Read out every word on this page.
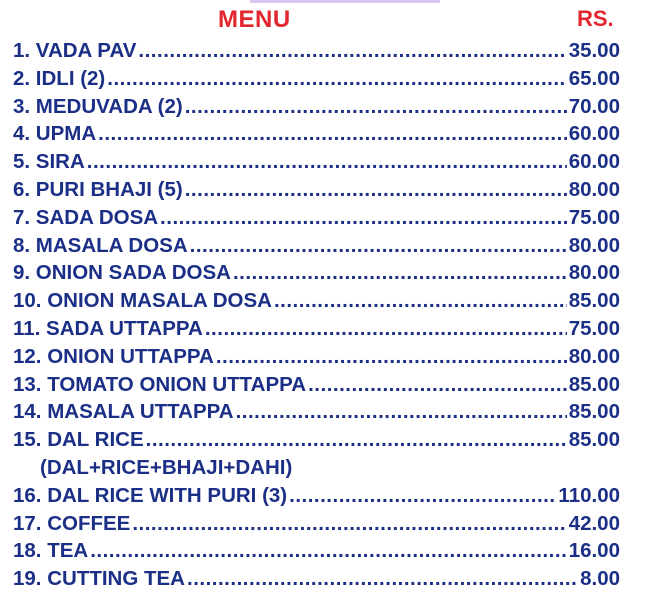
MENU	RS.
1. VADA PAV .....	35.00
2. IDLI (2) .....	65.00
3. MEDUVADA (2) .....	70.00
4. UPMA .....	60.00
5. SIRA .....	60.00
6. PURI BHAJI (5) .....	80.00
7. SADA DOSA .....	75.00
8. MASALA DOSA .....	80.00
9. ONION SADA DOSA .....	80.00
10. ONION MASALA DOSA .....	85.00
11. SADA UTTAPPA .....	75.00
12. ONION UTTAPPA .....	80.00
13. TOMATO ONION UTTAPPA .....	85.00
14. MASALA UTTAPPA .....	85.00
15. DAL RICE .....	85.00
(DAL+RICE+BHAJI+DAHI)
16. DAL RICE WITH PURI (3) .....	110.00
17. COFFEE .....	42.00
18. TEA .....	16.00
19. CUTTING TEA .....	8.00
